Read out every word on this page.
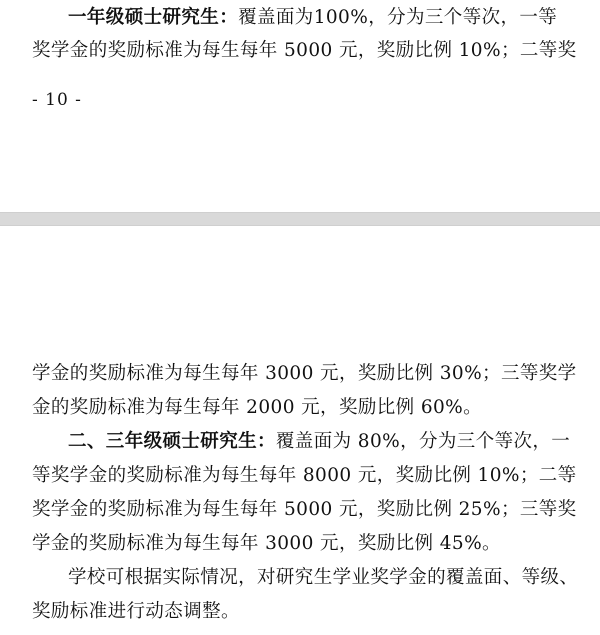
一年级硕士研究生：覆盖面为100%，分为三个等次，一等
奖学金的奖励标准为每生每年 5000 元，奖励比例 10%；二等奖
- 10 -
学金的奖励标准为每生每年 3000 元，奖励比例 30%；三等奖学
金的奖励标准为每生每年 2000 元，奖励比例 60%。
二、三年级硕士研究生：覆盖面为 80%，分为三个等次，一
等奖学金的奖励标准为每生每年 8000 元，奖励比例 10%；二等
奖学金的奖励标准为每生每年 5000 元，奖励比例 25%；三等奖
学金的奖励标准为每生每年 3000 元，奖励比例 45%。
学校可根据实际情况，对研究生学业奖学金的覆盖面、等级、
奖励标准进行动态调整。
